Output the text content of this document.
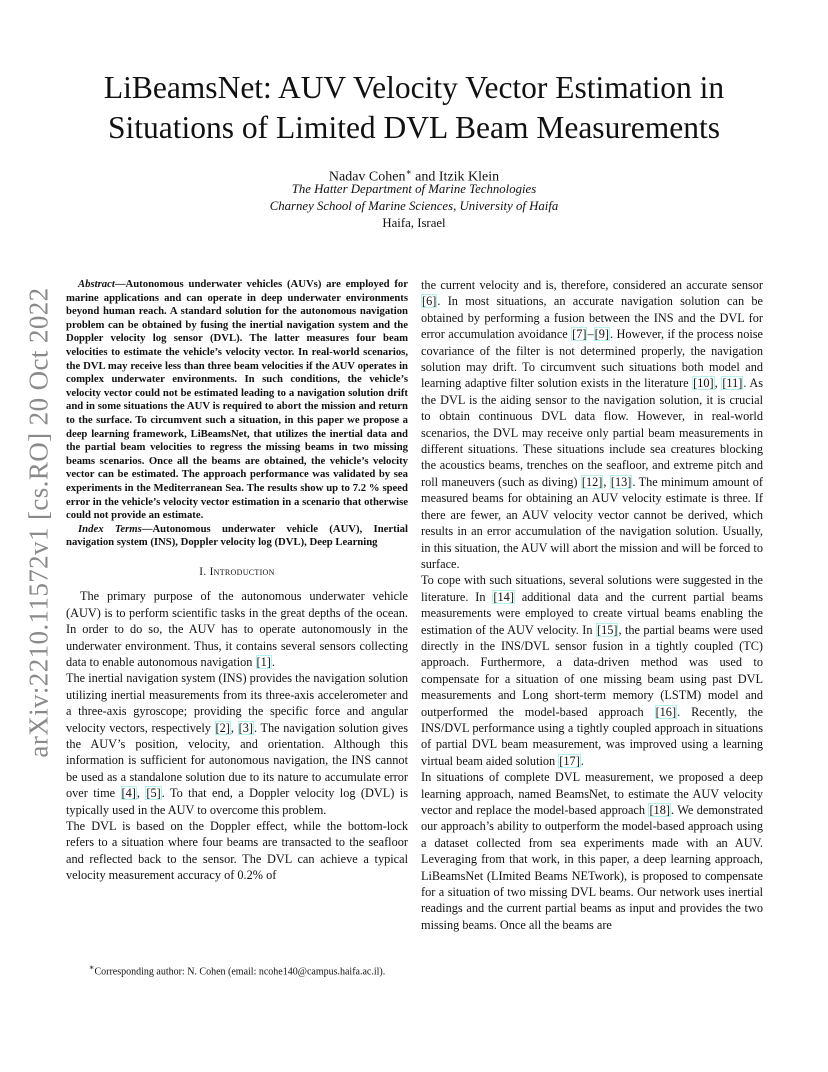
arXiv:2210.11572v1 [cs.RO] 20 Oct 2022
LiBeamsNet: AUV Velocity Vector Estimation in
Situations of Limited DVL Beam Measurements
Nadav Cohen∗ and Itzik Klein
The Hatter Department of Marine Technologies
Charney School of Marine Sciences, University of Haifa
Haifa, Israel

Abstract—Autonomous underwater vehicles (AUVs) are employed for marine applications and can operate in deep underwater environments beyond human reach. A standard solution for the autonomous navigation problem can be obtained by fusing the inertial navigation system and the Doppler velocity log sensor (DVL). The latter measures four beam velocities to estimate the vehicle’s velocity vector. In real-world scenarios, the DVL may receive less than three beam velocities if the AUV operates in complex underwater environments. In such conditions, the vehicle’s velocity vector could not be estimated leading to a navigation solution drift and in some situations the AUV is required to abort the mission and return to the surface. To circumvent such a situation, in this paper we propose a deep learning framework, LiBeamsNet, that utilizes the inertial data and the partial beam velocities to regress the missing beams in two missing beams scenarios. Once all the beams are obtained, the vehicle’s velocity vector can be estimated. The approach performance was validated by sea experiments in the Mediterranean Sea. The results show up to 7.2 % speed error in the vehicle’s velocity vector estimation in a scenario that otherwise could not provide an estimate.

Index Terms—Autonomous underwater vehicle (AUV), Inertial navigation system (INS), Doppler velocity log (DVL), Deep Learning

I. Introduction

The primary purpose of the autonomous underwater vehicle (AUV) is to perform scientific tasks in the great depths of the ocean. In order to do so, the AUV has to operate autonomously in the underwater environment. Thus, it contains several sensors collecting data to enable autonomous navigation [1].

The inertial navigation system (INS) provides the navigation solution utilizing inertial measurements from its three-axis accelerometer and a three-axis gyroscope; providing the specific force and angular velocity vectors, respectively [2], [3]. The navigation solution gives the AUV’s position, velocity, and orientation. Although this information is sufficient for autonomous navigation, the INS cannot be used as a standalone solution due to its nature to accumulate error over time [4], [5]. To that end, a Doppler velocity log (DVL) is typically used in the AUV to overcome this problem.

The DVL is based on the Doppler effect, while the bottom-lock refers to a situation where four beams are transacted to the seafloor and reflected back to the sensor. The DVL can achieve a typical velocity measurement accuracy of 0.2% of

∗Corresponding author: N. Cohen (email: ncohe140@campus.haifa.ac.il).

the current velocity and is, therefore, considered an accurate sensor [6]. In most situations, an accurate navigation solution can be obtained by performing a fusion between the INS and the DVL for error accumulation avoidance [7]–[9]. However, if the process noise covariance of the filter is not determined properly, the navigation solution may drift. To circumvent such situations both model and learning adaptive filter solution exists in the literature [10], [11]. As the DVL is the aiding sensor to the navigation solution, it is crucial to obtain continuous DVL data flow. However, in real-world scenarios, the DVL may receive only partial beam measurements in different situations. These situations include sea creatures blocking the acoustics beams, trenches on the seafloor, and extreme pitch and roll maneuvers (such as diving) [12], [13]. The minimum amount of measured beams for obtaining an AUV velocity estimate is three. If there are fewer, an AUV velocity vector cannot be derived, which results in an error accumulation of the navigation solution. Usually, in this situation, the AUV will abort the mission and will be forced to surface.

To cope with such situations, several solutions were suggested in the literature. In [14] additional data and the current partial beams measurements were employed to create virtual beams enabling the estimation of the AUV velocity. In [15], the partial beams were used directly in the INS/DVL sensor fusion in a tightly coupled (TC) approach. Furthermore, a data-driven method was used to compensate for a situation of one missing beam using past DVL measurements and Long short-term memory (LSTM) model and outperformed the model-based approach [16]. Recently, the INS/DVL performance using a tightly coupled approach in situations of partial DVL beam measurement, was improved using a learning virtual beam aided solution [17].

In situations of complete DVL measurement, we proposed a deep learning approach, named BeamsNet, to estimate the AUV velocity vector and replace the model-based approach [18]. We demonstrated our approach’s ability to outperform the model-based approach using a dataset collected from sea experiments made with an AUV. Leveraging from that work, in this paper, a deep learning approach, LiBeamsNet (LImited Beams NETwork), is proposed to compensate for a situation of two missing DVL beams. Our network uses inertial readings and the current partial beams as input and provides the two missing beams. Once all the beams are
